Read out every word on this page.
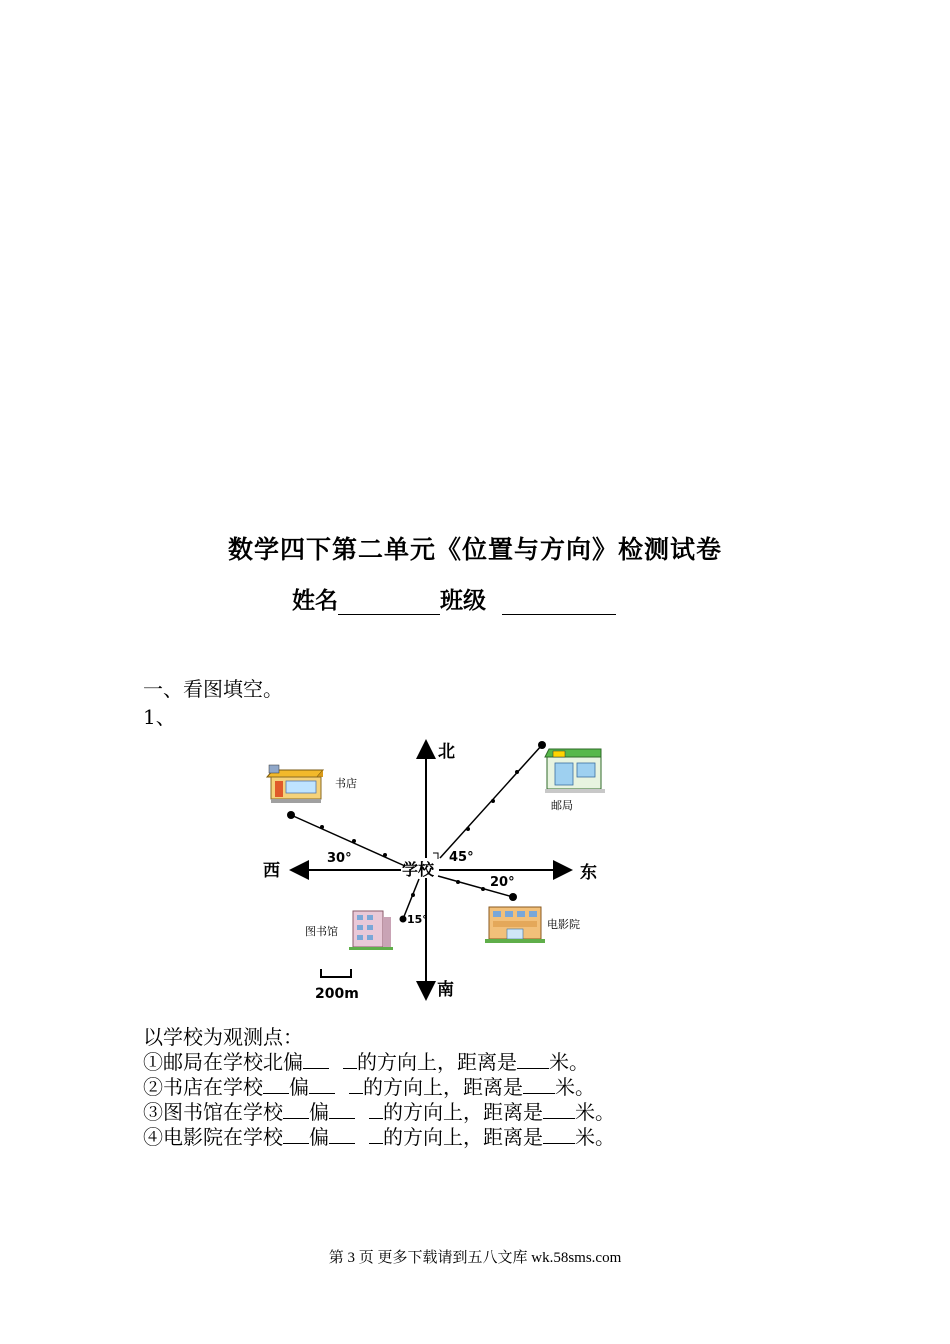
数学四下第二单元《位置与方向》检测试卷
姓名	班级
一、看图填空。
1、
北
南
东
西	学校
45°
30°
20°
15°
书店
邮局
图书馆
电影院
200m
以学校为观测点：
①邮局在学校北偏	的方向上，距离是 米。
②书店在学校 偏	的方向上，距离是 米。
③图书馆在学校 偏	的方向上，距离是 米。
④电影院在学校 偏	的方向上，距离是 米。
第 3 页 更多下载请到五八文库 wk.58sms.com
